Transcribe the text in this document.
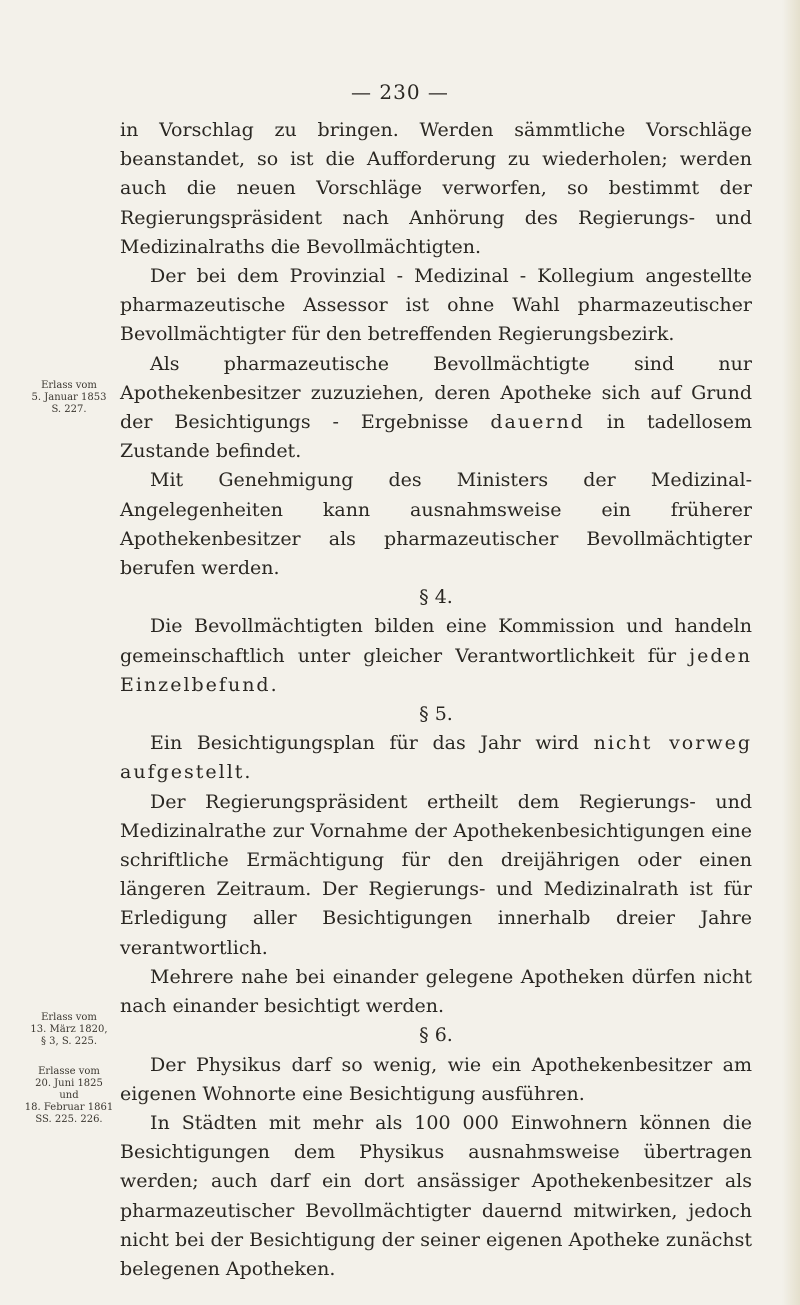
— 230 —
Erlass vom
5. Januar 1853
S. 227.
Erlass vom
13. März 1820,
§ 3, S. 225.
Erlasse vom
20. Juni 1825
und
18. Februar 1861
SS. 225. 226.

in Vorschlag zu bringen. Werden sämmtliche Vorschläge beanstandet, so ist die Aufforderung zu wiederholen; werden auch die neuen Vorschläge verworfen, so bestimmt der Regierungspräsident nach Anhörung des Regierungs- und Medizinalraths die Bevollmächtigten.

Der bei dem Provinzial - Medizinal - Kollegium angestellte pharmazeutische Assessor ist ohne Wahl pharmazeutischer Bevollmächtigter für den betreffenden Regierungsbezirk.

Als pharmazeutische Bevollmächtigte sind nur Apothekenbesitzer zuzuziehen, deren Apotheke sich auf Grund der Besichtigungs - Ergebnisse dauernd in tadellosem Zustande befindet.

Mit Genehmigung des Ministers der Medizinal-Angelegenheiten kann ausnahmsweise ein früherer Apothekenbesitzer als pharmazeutischer Bevollmächtigter berufen werden.

§ 4.

Die Bevollmächtigten bilden eine Kommission und handeln gemeinschaftlich unter gleicher Verantwortlichkeit für jeden Einzelbefund.

§ 5.

Ein Besichtigungsplan für das Jahr wird nicht vorweg aufgestellt.

Der Regierungspräsident ertheilt dem Regierungs- und Medizinalrathe zur Vornahme der Apothekenbesichtigungen eine schriftliche Ermächtigung für den dreijährigen oder einen längeren Zeitraum. Der Regierungs- und Medizinalrath ist für Erledigung aller Besichtigungen innerhalb dreier Jahre verantwortlich.

Mehrere nahe bei einander gelegene Apotheken dürfen nicht nach einander besichtigt werden.

§ 6.

Der Physikus darf so wenig, wie ein Apothekenbesitzer am eigenen Wohnorte eine Besichtigung ausführen.

In Städten mit mehr als 100 000 Einwohnern können die Besichtigungen dem Physikus ausnahmsweise übertragen werden; auch darf ein dort ansässiger Apothekenbesitzer als pharmazeutischer Bevollmächtigter dauernd mitwirken, jedoch nicht bei der Besichtigung der seiner eigenen Apotheke zunächst belegenen Apotheken.
